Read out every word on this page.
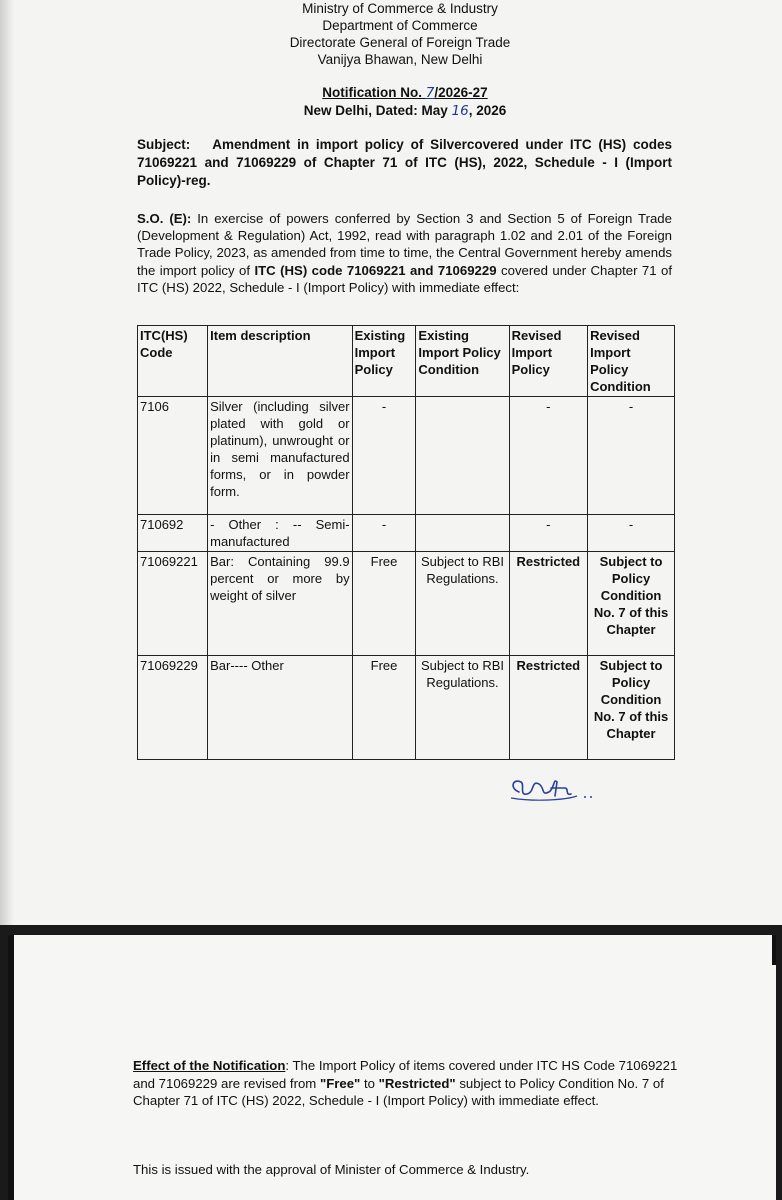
Ministry of Commerce & Industry
Department of Commerce
Directorate General of Foreign Trade
Vanijya Bhawan, New Delhi
Notification No. 7/2026-27
New Delhi, Dated: May 16, 2026
Subject: Amendment in import policy of Silvercovered under ITC (HS) codes 71069221 and 71069229 of Chapter 71 of ITC (HS), 2022, Schedule - I (Import Policy)-reg.
S.O. (E): In exercise of powers conferred by Section 3 and Section 5 of Foreign Trade (Development & Regulation) Act, 1992, read with paragraph 1.02 and 2.01 of the Foreign Trade Policy, 2023, as amended from time to time, the Central Government hereby amends the import policy of ITC (HS) code 71069221 and 71069229 covered under Chapter 71 of ITC (HS) 2022, Schedule - I (Import Policy) with immediate effect:
ITC(HS) Code	Item description	Existing Import Policy	Existing Import Policy Condition	Revised Import Policy	Revised Import Policy Condition
7106	Silver (including silver plated with gold or platinum), unwrought or in semi manufactured forms, or in powder form.	-		-	-
710692	- Other : -- Semi-manufactured	-		-	-
71069221	Bar: Containing 99.9 percent or more by weight of silver	Free	Subject to RBI Regulations.	Restricted	Subject to Policy Condition No. 7 of this Chapter
71069229	Bar---- Other	Free	Subject to RBI Regulations.	Restricted	Subject to Policy Condition No. 7 of this Chapter
Effect of the Notification: The Import Policy of items covered under ITC HS Code 71069221 and 71069229 are revised from "Free" to "Restricted" subject to Policy Condition No. 7 of Chapter 71 of ITC (HS) 2022, Schedule - I (Import Policy) with immediate effect.
This is issued with the approval of Minister of Commerce & Industry.
